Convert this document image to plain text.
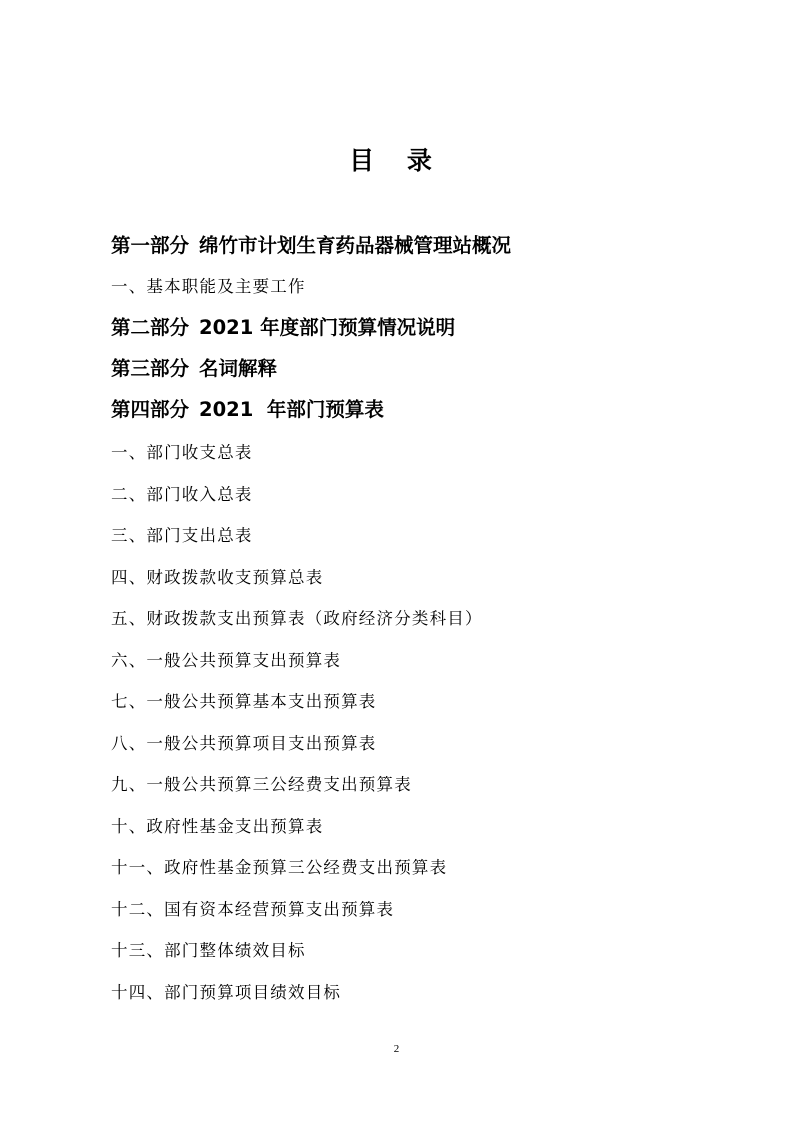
目 录
第一部分 绵竹市计划生育药品器械管理站概况
一、基本职能及主要工作
第二部分 2021 年度部门预算情况说明
第三部分 名词解释
第四部分 2021  年部门预算表
一、部门收支总表
二、部门收入总表
三、部门支出总表
四、财政拨款收支预算总表
五、财政拨款支出预算表（政府经济分类科目）
六、一般公共预算支出预算表
七、一般公共预算基本支出预算表
八、一般公共预算项目支出预算表
九、一般公共预算三公经费支出预算表
十、政府性基金支出预算表
十一、政府性基金预算三公经费支出预算表
十二、国有资本经营预算支出预算表
十三、部门整体绩效目标
十四、部门预算项目绩效目标
2
